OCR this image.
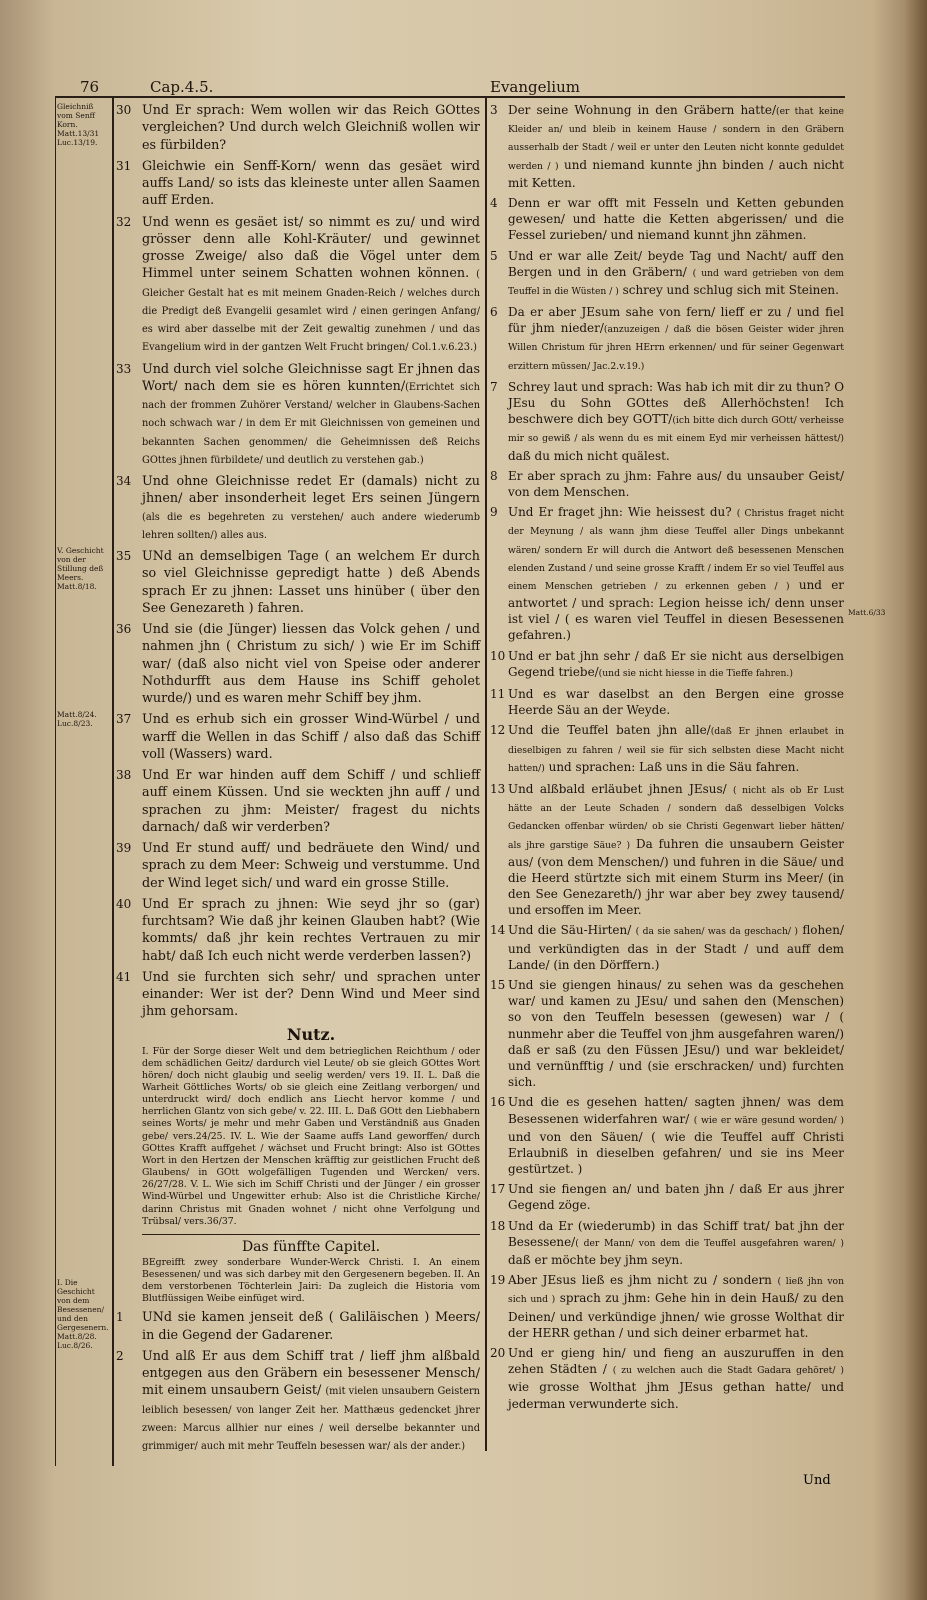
76	Cap.4.5.	Evangelium
Gleichniß vom Senff Korn. Matt.13/31 Luc.13/19.
V. Geschicht von der Stillung deß Meers. Matt.8/18.
Matt.8/24. Luc.8/23.
I. Die Geschicht von dem Besessenen/ und den Gergesenern. Matt.8/28. Luc.8/26.
Matt.6/33
30 Und Er sprach: Wem wollen wir das Reich GOttes vergleichen? Und durch welch Gleichniß wollen wir es fürbilden?
31 Gleichwie ein Senff-Korn/ wenn das gesäet wird auffs Land/ so ists das kleineste unter allen Saamen auff Erden.
32 Und wenn es gesäet ist/ so nimmt es zu/ und wird grösser denn alle Kohl-Kräuter/ und gewinnet grosse Zweige/ also daß die Vögel unter dem Himmel unter seinem Schatten wohnen können. ( Gleicher Gestalt hat es mit meinem Gnaden-Reich / welches durch die Predigt deß Evangelii gesamlet wird / einen geringen Anfang/ es wird aber dasselbe mit der Zeit gewaltig zunehmen / und das Evangelium wird in der gantzen Welt Frucht bringen/ Col.1.v.6.23.)
33 Und durch viel solche Gleichnisse sagt Er jhnen das Wort/ nach dem sie es hören kunnten/(Errichtet sich nach der frommen Zuhörer Verstand/ welcher in Glaubens-Sachen noch schwach war / in dem Er mit Gleichnissen von gemeinen und bekannten Sachen genommen/ die Geheimnissen deß Reichs GOttes jhnen fürbildete/ und deutlich zu verstehen gab.)
34 Und ohne Gleichnisse redet Er (damals) nicht zu jhnen/ aber insonderheit leget Ers seinen Jüngern (als die es begehreten zu verstehen/ auch andere wiederumb lehren sollten/) alles aus.
35 UNd an demselbigen Tage ( an welchem Er durch so viel Gleichnisse gepredigt hatte ) deß Abends sprach Er zu jhnen: Lasset uns hinüber ( über den See Genezareth ) fahren.
36 Und sie (die Jünger) liessen das Volck gehen / und nahmen jhn ( Christum zu sich/ ) wie Er im Schiff war/ (daß also nicht viel von Speise oder anderer Nothdurfft aus dem Hause ins Schiff geholet wurde/) und es waren mehr Schiff bey jhm.
37 Und es erhub sich ein grosser Wind-Würbel / und warff die Wellen in das Schiff / also daß das Schiff voll (Wassers) ward.
38 Und Er war hinden auff dem Schiff / und schlieff auff einem Küssen. Und sie weckten jhn auff / und sprachen zu jhm: Meister/ fragest du nichts darnach/ daß wir verderben?
39 Und Er stund auff/ und bedräuete den Wind/ und sprach zu dem Meer: Schweig und verstumme. Und der Wind leget sich/ und ward ein grosse Stille.
40 Und Er sprach zu jhnen: Wie seyd jhr so (gar) furchtsam? Wie daß jhr keinen Glauben habt? (Wie kommts/ daß jhr kein rechtes Vertrauen zu mir habt/ daß Ich euch nicht werde verderben lassen?)
41 Und sie furchten sich sehr/ und sprachen unter einander: Wer ist der? Denn Wind und Meer sind jhm gehorsam.
Nutz.
I. Für der Sorge dieser Welt und dem betrieglichen Reichthum / oder dem schädlichen Geitz/ dardurch viel Leute/ ob sie gleich GOttes Wort hören/ doch nicht glaubig und seelig werden/ vers 19. II. L. Daß die Warheit Göttliches Worts/ ob sie gleich eine Zeitlang verborgen/ und unterdruckt wird/ doch endlich ans Liecht hervor komme / und herrlichen Glantz von sich gebe/ v. 22. III. L. Daß GOtt den Liebhabern seines Worts/ je mehr und mehr Gaben und Verständniß aus Gnaden gebe/ vers.24/25. IV. L. Wie der Saame auffs Land geworffen/ durch GOttes Krafft auffgehet / wächset und Frucht bringt: Also ist GOttes Wort in den Hertzen der Menschen kräfftig zur geistlichen Frucht deß Glaubens/ in GOtt wolgefälligen Tugenden und Wercken/ vers. 26/27/28. V. L. Wie sich im Schiff Christi und der Jünger / ein grosser Wind-Würbel und Ungewitter erhub: Also ist die Christliche Kirche/ darinn Christus mit Gnaden wohnet / nicht ohne Verfolgung und Trübsal/ vers.36/37.
Das fünffte Capitel.
BEgreifft zwey sonderbare Wunder-Werck Christi. I. An einem Besessenen/ und was sich darbey mit den Gergesenern begeben. II. An dem verstorbenen Töchterlein Jairi: Da zugleich die Historia vom Blutflüssigen Weibe einfüget wird.
1 UNd sie kamen jenseit deß ( Galiläischen ) Meers/ in die Gegend der Gadarener.
2 Und alß Er aus dem Schiff trat / lieff jhm alßbald entgegen aus den Gräbern ein besessener Mensch/ mit einem unsaubern Geist/ (mit vielen unsaubern Geistern leiblich besessen/ von langer Zeit her. Matthæus gedencket jhrer zween: Marcus allhier nur eines / weil derselbe bekannter und grimmiger/ auch mit mehr Teuffeln besessen war/ als der ander.)
3 Der seine Wohnung in den Gräbern hatte/(er that keine Kleider an/ und bleib in keinem Hause / sondern in den Gräbern ausserhalb der Stadt / weil er unter den Leuten nicht konnte geduldet werden / ) und niemand kunnte jhn binden / auch nicht mit Ketten.
4 Denn er war offt mit Fesseln und Ketten gebunden gewesen/ und hatte die Ketten abgerissen/ und die Fessel zurieben/ und niemand kunnt jhn zähmen.
5 Und er war alle Zeit/ beyde Tag und Nacht/ auff den Bergen und in den Gräbern/ ( und ward getrieben von dem Teuffel in die Wüsten / ) schrey und schlug sich mit Steinen.
6 Da er aber JEsum sahe von fern/ lieff er zu / und fiel für jhm nieder/(anzuzeigen / daß die bösen Geister wider jhren Willen Christum für jhren HErrn erkennen/ und für seiner Gegenwart erzittern müssen/ Jac.2.v.19.)
7 Schrey laut und sprach: Was hab ich mit dir zu thun? O JEsu du Sohn GOttes deß Allerhöchsten! Ich beschwere dich bey GOTT/(ich bitte dich durch GOtt/ verheisse mir so gewiß / als wenn du es mit einem Eyd mir verheissen hättest/) daß du mich nicht quälest.
8 Er aber sprach zu jhm: Fahre aus/ du unsauber Geist/ von dem Menschen.
9 Und Er fraget jhn: Wie heissest du? ( Christus fraget nicht der Meynung / als wann jhm diese Teuffel aller Dings unbekannt wären/ sondern Er will durch die Antwort deß besessenen Menschen elenden Zustand / und seine grosse Krafft / indem Er so viel Teuffel aus einem Menschen getrieben / zu erkennen geben / ) und er antwortet / und sprach: Legion heisse ich/ denn unser ist viel / ( es waren viel Teuffel in diesen Besessenen gefahren.)
10 Und er bat jhn sehr / daß Er sie nicht aus derselbigen Gegend triebe/(und sie nicht hiesse in die Tieffe fahren.)
11 Und es war daselbst an den Bergen eine grosse Heerde Säu an der Weyde.
12 Und die Teuffel baten jhn alle/(daß Er jhnen erlaubet in dieselbigen zu fahren / weil sie für sich selbsten diese Macht nicht hatten/) und sprachen: Laß uns in die Säu fahren.
13 Und alßbald erläubet jhnen JEsus/ ( nicht als ob Er Lust hätte an der Leute Schaden / sondern daß desselbigen Volcks Gedancken offenbar würden/ ob sie Christi Gegenwart lieber hätten/ als jhre garstige Säue? ) Da fuhren die unsaubern Geister aus/ (von dem Menschen/) und fuhren in die Säue/ und die Heerd stürtzte sich mit einem Sturm ins Meer/ (in den See Genezareth/) jhr war aber bey zwey tausend/ und ersoffen im Meer.
14 Und die Säu-Hirten/ ( da sie sahen/ was da geschach/ ) flohen/ und verkündigten das in der Stadt / und auff dem Lande/ (in den Dörffern.)
15 Und sie giengen hinaus/ zu sehen was da geschehen war/ und kamen zu JEsu/ und sahen den (Menschen) so von den Teuffeln besessen (gewesen) war / ( nunmehr aber die Teuffel von jhm ausgefahren waren/) daß er saß (zu den Füssen JEsu/) und war bekleidet/ und vernünfftig / und (sie erschracken/ und) furchten sich.
16 Und die es gesehen hatten/ sagten jhnen/ was dem Besessenen widerfahren war/ ( wie er wäre gesund worden/ ) und von den Säuen/ ( wie die Teuffel auff Christi Erlaubniß in dieselben gefahren/ und sie ins Meer gestürtzet. )
17 Und sie fiengen an/ und baten jhn / daß Er aus jhrer Gegend zöge.
18 Und da Er (wiederumb) in das Schiff trat/ bat jhn der Besessene/( der Mann/ von dem die Teuffel ausgefahren waren/ ) daß er möchte bey jhm seyn.
19 Aber JEsus ließ es jhm nicht zu / sondern ( ließ jhn von sich und ) sprach zu jhm: Gehe hin in dein Hauß/ zu den Deinen/ und verkündige jhnen/ wie grosse Wolthat dir der HERR gethan / und sich deiner erbarmet hat.
20 Und er gieng hin/ und fieng an auszuruffen in den zehen Städten / ( zu welchen auch die Stadt Gadara gehöret/ ) wie grosse Wolthat jhm JEsus gethan hatte/ und jederman verwunderte sich.
Und
